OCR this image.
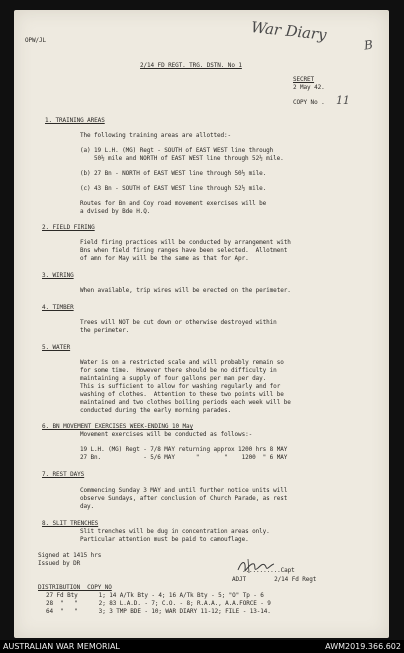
OPW/JL	War Diary
B
2/14 FD REGT. TRG. DSTN. No 1
SECRET
2 May 42.
COPY No . 11
1. TRAINING AREAS
The following training areas are allotted:-
(a) 19 L.H. (MG) Regt - SOUTH of EAST WEST line through
50½ mile and NORTH of EAST WEST line through 52½ mile.
(b) 27 Bn - NORTH of EAST WEST line through 50½ mile.
(c) 43 Bn - SOUTH of EAST WEST line through 52½ mile.
Routes for Bn and Coy road movement exercises will be
a dvised by Bde H.Q.
2. FIELD FIRING
Field firing practices will be conducted by arrangement with
Bns when field firing ranges have been selected.  Allotment
of amn for May will be the same as that for Apr.
3. WIRING
When available, trip wires will be erected on the perimeter.
4. TIMBER
Trees will NOT be cut down or otherwise destroyed within
the perimeter.
5. WATER
Water is on a restricted scale and will probably remain so
for some time.  However there should be no difficulty in
maintaining a supply of four gallons per man per day.
This is sufficient to allow for washing regularly and for
washing of clothes.  Attention to these two points will be
maintained and two clothes boiling periods each week will be
conducted during the early morning parades.
6. BN MOVEMENT EXERCISES WEEK-ENDING 10 May
Movement exercises will be conducted as follows:-
19 L.H. (MG) Regt - 7/8 MAY returning approx 1200 hrs 8 MAY
27 Bn.            - 5/6 MAY      "       "    1200  " 6 MAY
7. REST DAYS
Commencing Sunday 3 MAY and until further notice units will
observe Sundays, after conclusion of Church Parade, as rest
day.
8. SLIT TRENCHES
Slit trenches will be dug in concentration areas only.
Particular attention must be paid to camouflage.
Signed at 1415 hrs
Issued by DR
...........Capt
ADJT        2/14 Fd Regt
DISTRIBUTION  COPY NO
27 Fd Bty      1; 14 A/Tk Bty - 4; 16 A/Tk Bty - 5; "O" Tp - 6
28  "   "      2; 83 L.A.D. - 7; C.O. - 8; R.A.A., A.A.FORCE - 9
64  "   "      3; 3 TMP BDE - 10; WAR DIARY 11-12; FILE - 13-14.
AUSTRALIAN WAR MEMORIAL	AWM2019.366.602
